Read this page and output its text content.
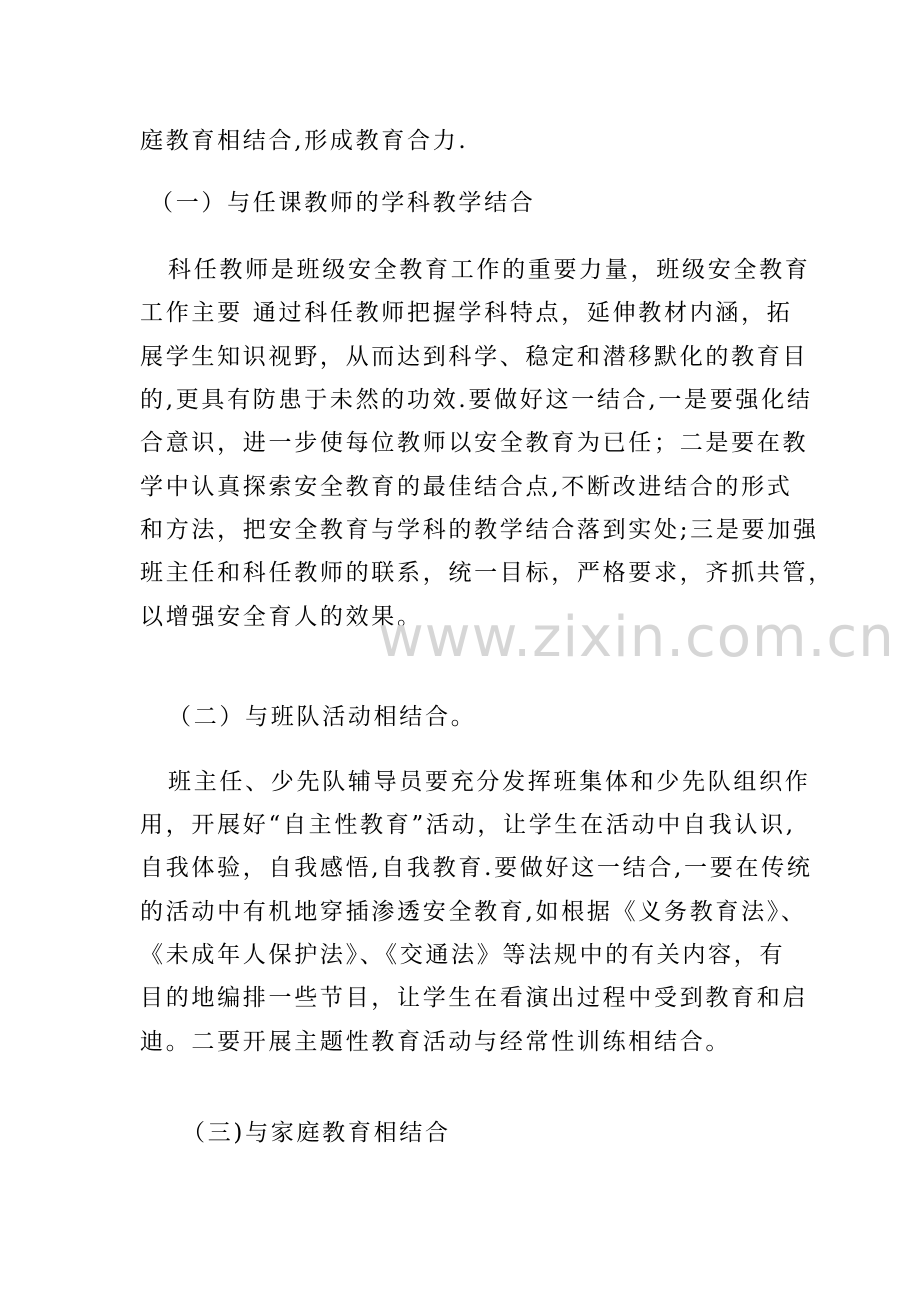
庭教育相结合,形成教育合力.
（一）与任课教师的学科教学结合
科任教师是班级安全教育工作的重要力量，班级安全教育
工作主要 通过科任教师把握学科特点，延伸教材内涵，拓
展学生知识视野，从而达到科学、稳定和潜移默化的教育目
的,更具有防患于未然的功效.要做好这一结合,一是要强化结
合意识，进一步使每位教师以安全教育为已任；二是要在教
学中认真探索安全教育的最佳结合点,不断改进结合的形式
和方法，把安全教育与学科的教学结合落到实处;三是要加强
班主任和科任教师的联系，统一目标，严格要求，齐抓共管，
以增强安全育人的效果。
（二）与班队活动相结合。
班主任、少先队辅导员要充分发挥班集体和少先队组织作
用，开展好“自主性教育”活动，让学生在活动中自我认识,
自我体验，自我感悟,自我教育.要做好这一结合,一要在传统
的活动中有机地穿插渗透安全教育,如根据《义务教育法》、
《未成年人保护法》、《交通法》等法规中的有关内容，有
目的地编排一些节目，让学生在看演出过程中受到教育和启
迪。二要开展主题性教育活动与经常性训练相结合。
（三)与家庭教育相结合
www.zixin.com.cn
